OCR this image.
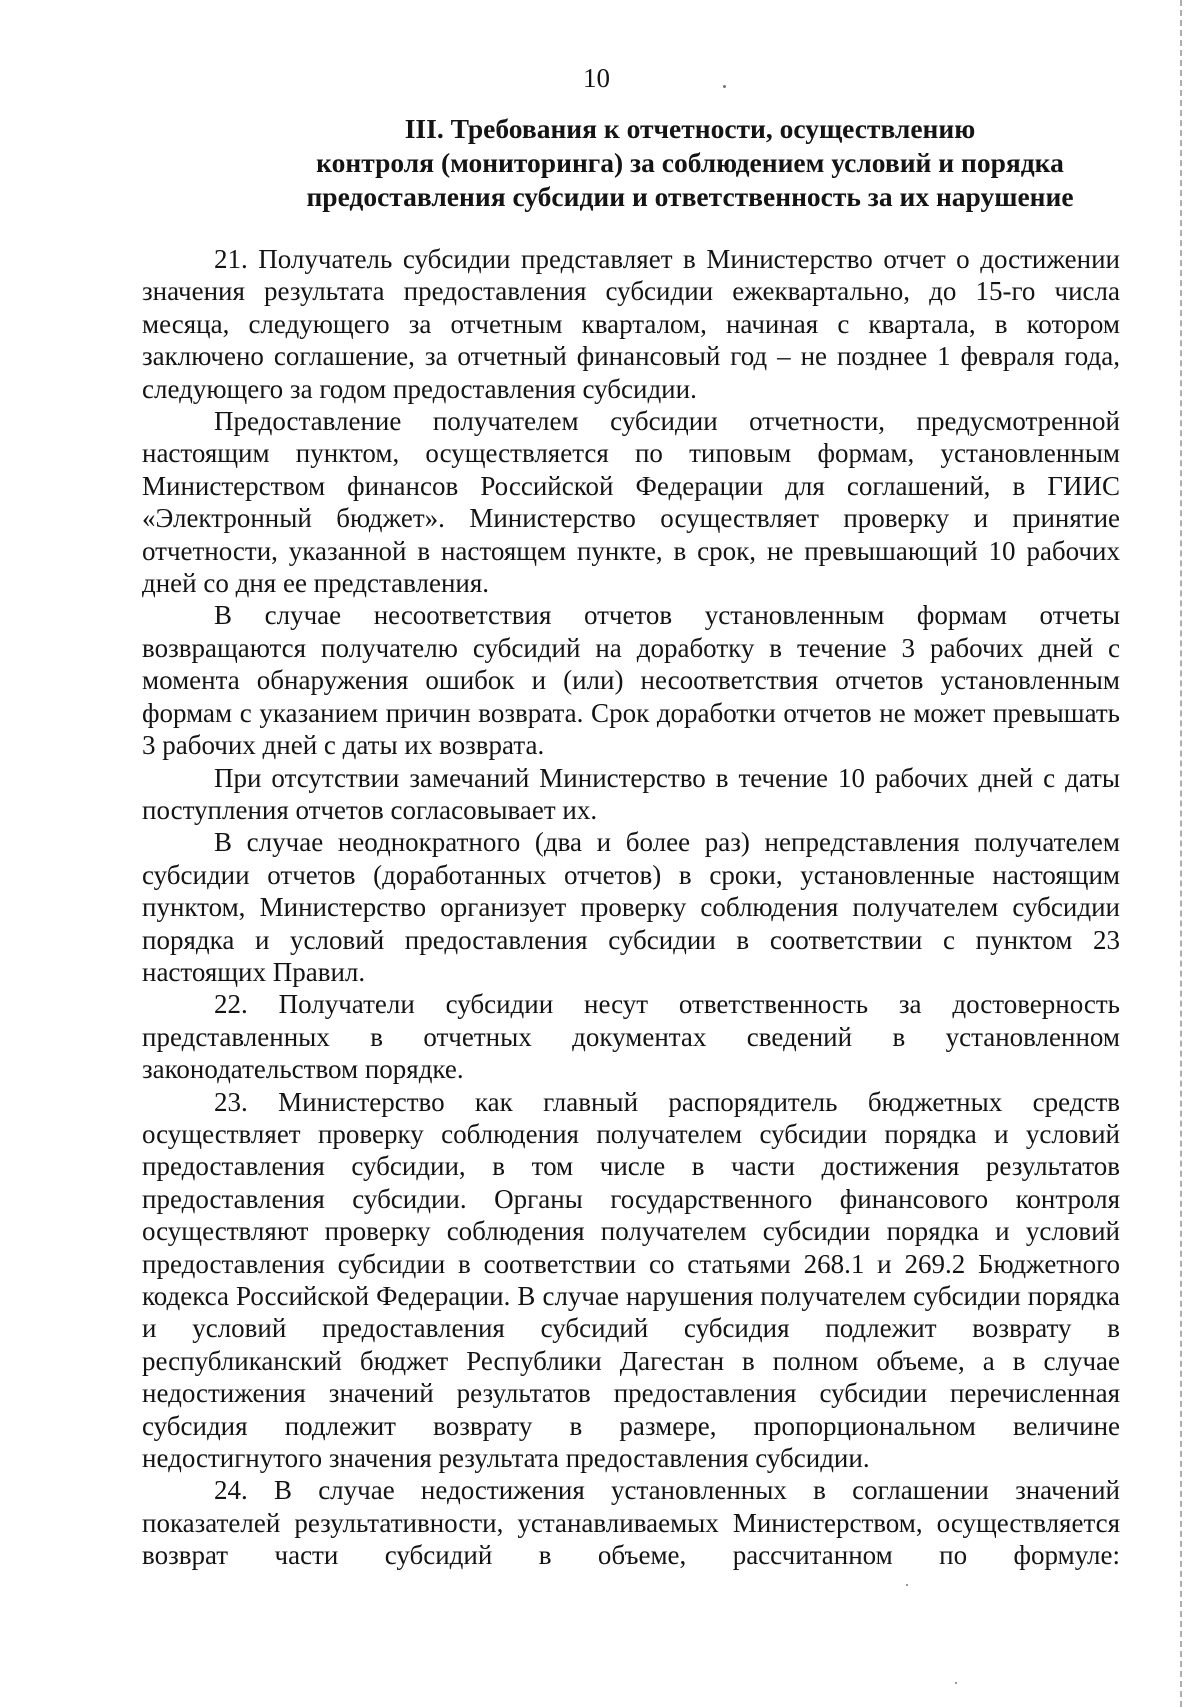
10
III. Требования к отчетности, осуществлению
контроля (мониторинга) за соблюдением условий и порядка
предоставления субсидии и ответственность за их нарушение

21. Получатель субсидии представляет в Министерство отчет о достижении значения результата предоставления субсидии ежеквартально, до 15-го числа месяца, следующего за отчетным кварталом, начиная с квартала, в котором заключено соглашение, за отчетный финансовый год – не позднее 1 февраля года, следующего за годом предоставления субсидии.

Предоставление получателем субсидии отчетности, предусмотренной настоящим пунктом, осуществляется по типовым формам, установленным Министерством финансов Российской Федерации для соглашений, в ГИИС «Электронный бюджет». Министерство осуществляет проверку и принятие отчетности, указанной в настоящем пункте, в срок, не превышающий 10 рабочих дней со дня ее представления.

В случае несоответствия отчетов установленным формам отчеты возвращаются получателю субсидий на доработку в течение 3 рабочих дней с момента обнаружения ошибок и (или) несоответствия отчетов установленным формам с указанием причин возврата. Срок доработки отчетов не может превышать 3 рабочих дней с даты их возврата.

При отсутствии замечаний Министерство в течение 10 рабочих дней с даты поступления отчетов согласовывает их.

В случае неоднократного (два и более раз) непредставления получателем субсидии отчетов (доработанных отчетов) в сроки, установленные настоящим пунктом, Министерство организует проверку соблюдения получателем субсидии порядка и условий предоставления субсидии в соответствии с пунктом 23 настоящих Правил.

22. Получатели субсидии несут ответственность за достоверность представленных в отчетных документах сведений в установленном законодательством порядке.

23. Министерство как главный распорядитель бюджетных средств осуществляет проверку соблюдения получателем субсидии порядка и условий предоставления субсидии, в том числе в части достижения результатов предоставления субсидии. Органы государственного финансового контроля осуществляют проверку соблюдения получателем субсидии порядка и условий предоставления субсидии в соответствии со статьями 268.1 и 269.2 Бюджетного кодекса Российской Федерации. В случае нарушения получателем субсидии порядка и условий предоставления субсидий субсидия подлежит возврату в республиканский бюджет Республики Дагестан в полном объеме, а в случае недостижения значений результатов предоставления субсидии перечисленная субсидия подлежит возврату в размере, пропорциональном величине недостигнутого значения результата предоставления субсидии.

24. В случае недостижения установленных в соглашении значений показателей результативности, устанавливаемых Министерством, осуществляется возврат части субсидий в объеме, рассчитанном по формуле:
